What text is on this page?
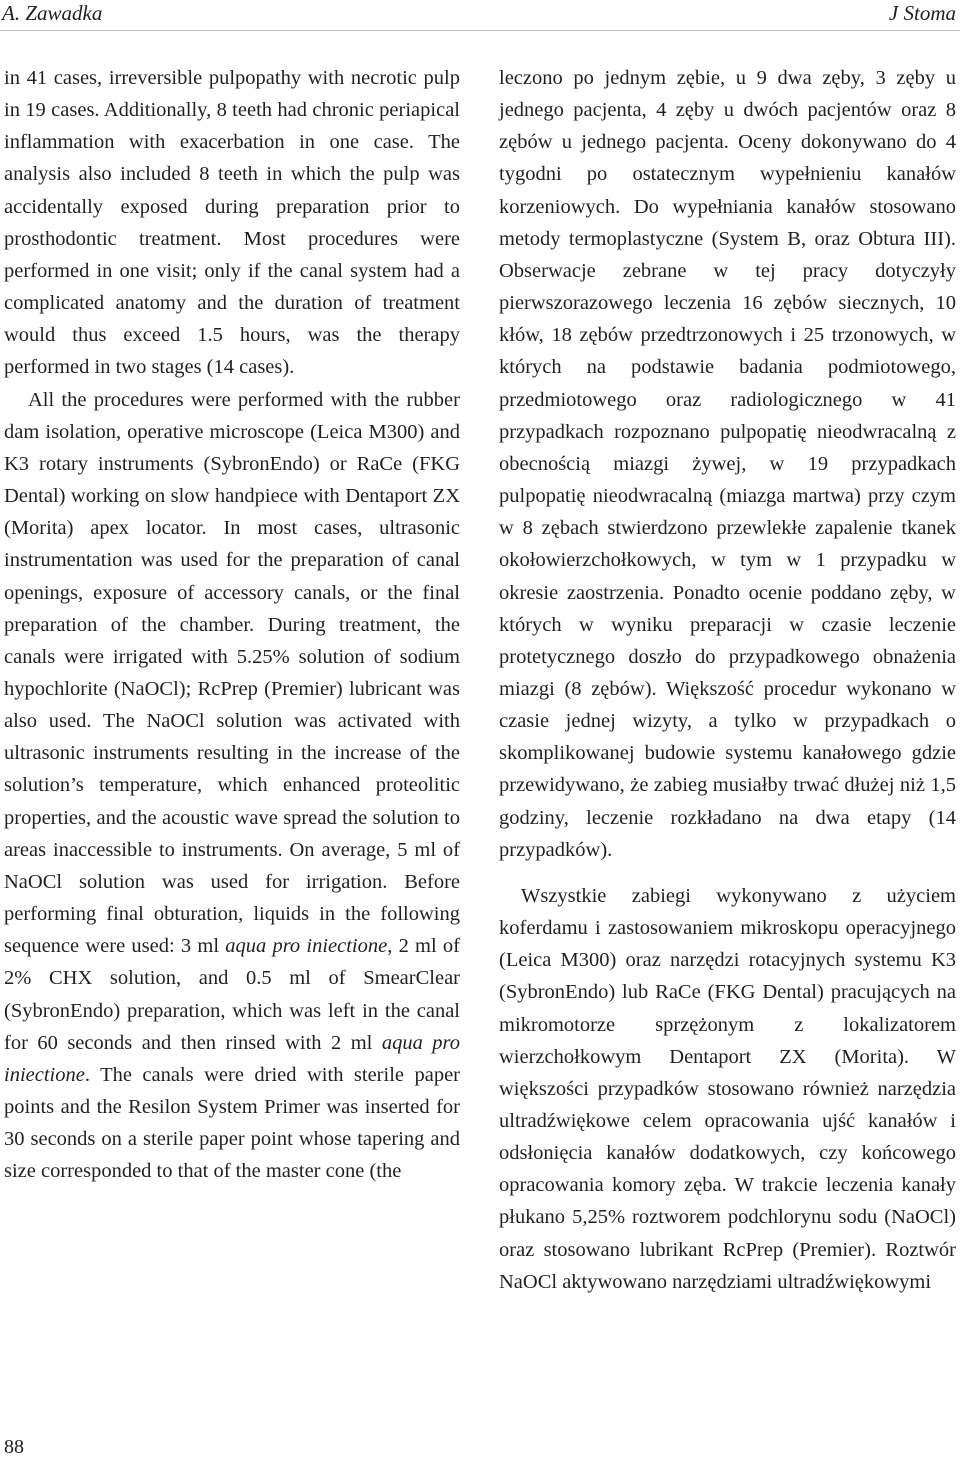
A. Zawadka	J Stoma

in 41 cases, irreversible pulpopathy with necrotic pulp in 19 cases. Additionally, 8 teeth had chronic periapical inflammation with exacerbation in one case. The analysis also included 8 teeth in which the pulp was accidentally exposed during preparation prior to prosthodontic treatment. Most procedures were performed in one visit; only if the canal system had a complicated anatomy and the duration of treatment would thus exceed 1.5 hours, was the therapy performed in two stages (14 cases).

All the procedures were performed with the rubber dam isolation, operative microscope (Leica M300) and K3 rotary instruments (SybronEndo) or RaCe (FKG Dental) working on slow handpiece with Dentaport ZX (Morita) apex locator. In most cases, ultrasonic instrumentation was used for the preparation of canal openings, exposure of accessory canals, or the final preparation of the chamber. During treatment, the canals were irrigated with 5.25% solution of sodium hypochlorite (NaOCl); RcPrep (Premier) lubricant was also used. The NaOCl solution was activated with ultrasonic instruments resulting in the increase of the solution’s temperature, which enhanced proteolitic properties, and the acoustic wave spread the solution to areas inaccessible to instruments. On average, 5 ml of NaOCl solution was used for irrigation. Before performing final obturation, liquids in the following sequence were used: 3 ml aqua pro iniectione, 2 ml of 2% CHX solution, and 0.5 ml of SmearClear (SybronEndo) preparation, which was left in the canal for 60 seconds and then rinsed with 2 ml aqua pro iniectione. The canals were dried with sterile paper points and the Resilon System Primer was inserted for 30 seconds on a sterile paper point whose tapering and size corresponded to that of the master cone (the

leczono po jednym zębie, u 9 dwa zęby, 3 zęby u jednego pacjenta, 4 zęby u dwóch pacjentów oraz 8 zębów u jednego pacjenta. Oceny dokonywano do 4 tygodni po ostatecznym wypełnieniu kanałów korzeniowych. Do wypełniania kanałów stosowano metody termoplastyczne (System B, oraz Obtura III). Obserwacje zebrane w tej pracy dotyczyły pierwszorazowego leczenia 16 zębów siecznych, 10 kłów, 18 zębów przedtrzonowych i 25 trzonowych, w których na podstawie badania podmiotowego, przedmiotowego oraz radiologicznego w 41 przypadkach rozpoznano pulpopatię nieodwracalną z obecnością miazgi żywej, w 19 przypadkach pulpopatię nieodwracalną (miazga martwa) przy czym w 8 zębach stwierdzono przewlekłe zapalenie tkanek okołowierzchołkowych, w tym w 1 przypadku w okresie zaostrzenia. Ponadto ocenie poddano zęby, w których w wyniku preparacji w czasie leczenie protetycznego doszło do przypadkowego obnażenia miazgi (8 zębów). Większość procedur wykonano w czasie jednej wizyty, a tylko w przypadkach o skomplikowanej budowie systemu kanałowego gdzie przewidywano, że zabieg musiałby trwać dłużej niż 1,5 godziny, leczenie rozkładano na dwa etapy (14 przypadków).

Wszystkie zabiegi wykonywano z użyciem koferdamu i zastosowaniem mikroskopu operacyjnego (Leica M300) oraz narzędzi rotacyjnych systemu K3 (SybronEndo) lub RaCe (FKG Dental) pracujących na mikromotorze sprzężonym z lokalizatorem wierzchołkowym Dentaport ZX (Morita). W większości przypadków stosowano również narzędzia ultradźwiękowe celem opracowania ujść kanałów i odsłonięcia kanałów dodatkowych, czy końcowego opracowania komory zęba. W trakcie leczenia kanały płukano 5,25% roztworem podchlorynu sodu (NaOCl) oraz stosowano lubrikant RcPrep (Premier). Roztwór NaOCl aktywowano narzędziami ultradźwiękowymi

88
